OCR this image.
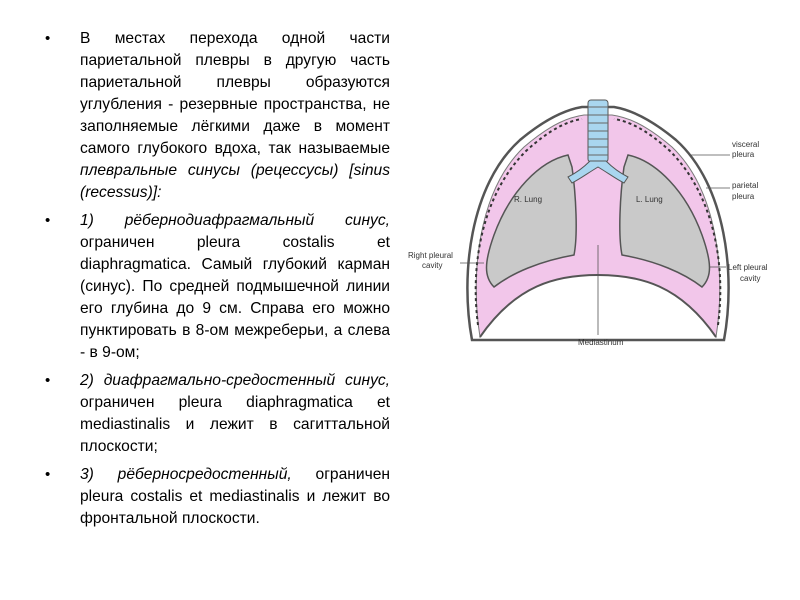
• В местах перехода одной части париетальной плевры в другую часть париетальной плевры образуются углубления - резервные пространства, не заполняемые лёгкими даже в момент самого глубокого вдоха, так называемые плевральные синусы (рецессусы) [sinus (recessus)]:
• 1) рёбернодиафрагмальный синус, ограничен pleura costalis et diaphragmatica. Самый глубокий карман (синус). По средней подмышечной линии его глубина до 9 см. Справа его можно пунктировать в 8-ом межреберьи, а слева - в 9-ом;
• 2) диафрагмально-средостенный синус, ограничен pleura diaphragmatica et mediastinalis и лежит в сагиттальной плоскости;
• 3) рёберносредостенный, ограничен pleura costalis et mediastinalis и лежит во фронтальной плоскости.
R. Lung	L. Lung
visceral
pleura
parietal
pleura
Right pleural
cavity	Left pleural
cavity
Mediastinum
